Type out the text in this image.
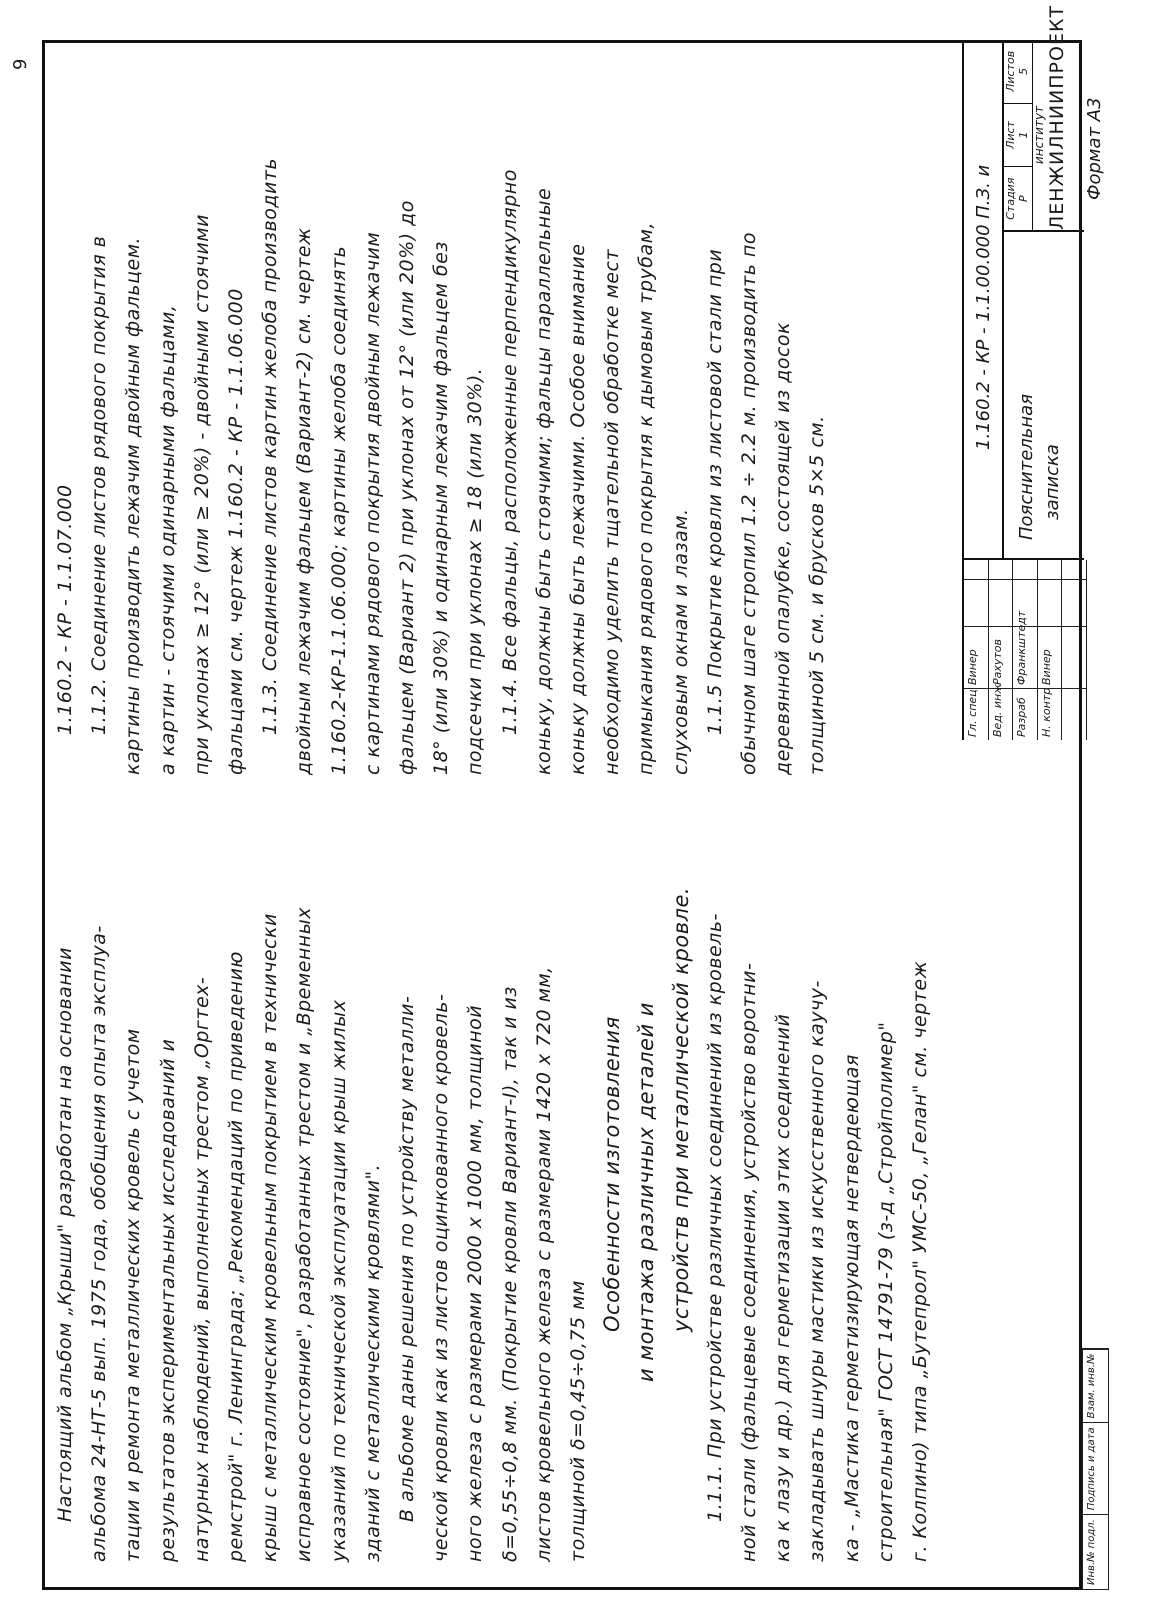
9

Настоящий альбом „Крыши" разработан на основании альбома 24-НТ-5 вып. 1975 года, обобщения опыта эксплуа- тации и ремонта металлических кровель с учетом результатов экспериментальных исследований и натурных наблюдений, выполненных трестом „Оргтех- ремстрой" г. Ленинграда; „Рекомендаций по приведению крыш с металлическим кровельным покрытием в технически исправное состояние", разработанных трестом и „Временных указаний по технической эксплуатации крыш жилых зданий с металлическими кровлями". В альбоме даны решения по устройству металли- ческой кровли как из листов оцинкованного кровель- ного железа с размерами 2000 х 1000 мм, толщиной δ=0,55÷0,8 мм. (Покрытие кровли Вариант-I), так и из листов кровельного железа с размерами 1420 х 720 мм, толщиной δ=0,45÷0,75 мм

Особенности изготовления и монтажа различных деталей и устройств при металлической кровле. 1.1.1. При устройстве различных соединений из кровель- ной стали (фальцевые соединения, устройство воротни- ка к лазу и др.) для герметизации этих соединений закладывать шнуры мастики из искусственного каучу- ка - „Мастика герметизирующая нетвердеющая строительная" ГОСТ 14791-79 (з-д „Стройполимер" г. Колпино) типа „Бутепрол" УМС-50, „Гелан" см. чертеж

1.160.2 - КР - 1.1.07.000 1.1.2. Соединение листов рядового покрытия в картины производить лежачим двойным фальцем. а картин - стоячими одинарными фальцами, при уклонах ≥ 12° (или ≥ 20%) - двойными стоячими фальцами см. чертеж 1.160.2 - КР - 1.1.06.000 1.1.3. Соединение листов картин желоба производить двойным лежачим фальцем (Вариант-2) см. чертеж 1.160.2-КР-1.1.06.000; картины желоба соединять с картинами рядового покрытия двойным лежачим фальцем (Вариант 2) при уклонах от 12° (или 20%) до 18° (или 30%) и одинарным лежачим фальцем без подсечки при уклонах ≥ 18 (или 30%). 1.1.4. Все фальцы, расположенные перпендикулярно коньку, должны быть стоячими; фальцы параллельные коньку должны быть лежачими. Особое внимание необходимо уделить тщательной обработке мест примыкания рядового покрытия к дымовым трубам, слуховым окнам и лазам. 1.1.5 Покрытие кровли из листовой стали при обычном шаге стропил 1.2 ÷ 2.2 м. производить по деревянной опалубке, состоящей из досок толщиной 5 см. и брусков 5×5 см.	Гл. спец
Винер
Вед. инж
Рахутов
Разраб
Франкштедт
Н. контр
Винер
1.160.2 - КР - 1.1.00.000 П.З. и
Пояснительная записка
Стадия Р
Лист 1
Листов 5
институт ЛЕНЖИЛНИИПРОЕКТ Формат А3
Инв.№ подл.
Подпись и дата
Взам. инв.№
